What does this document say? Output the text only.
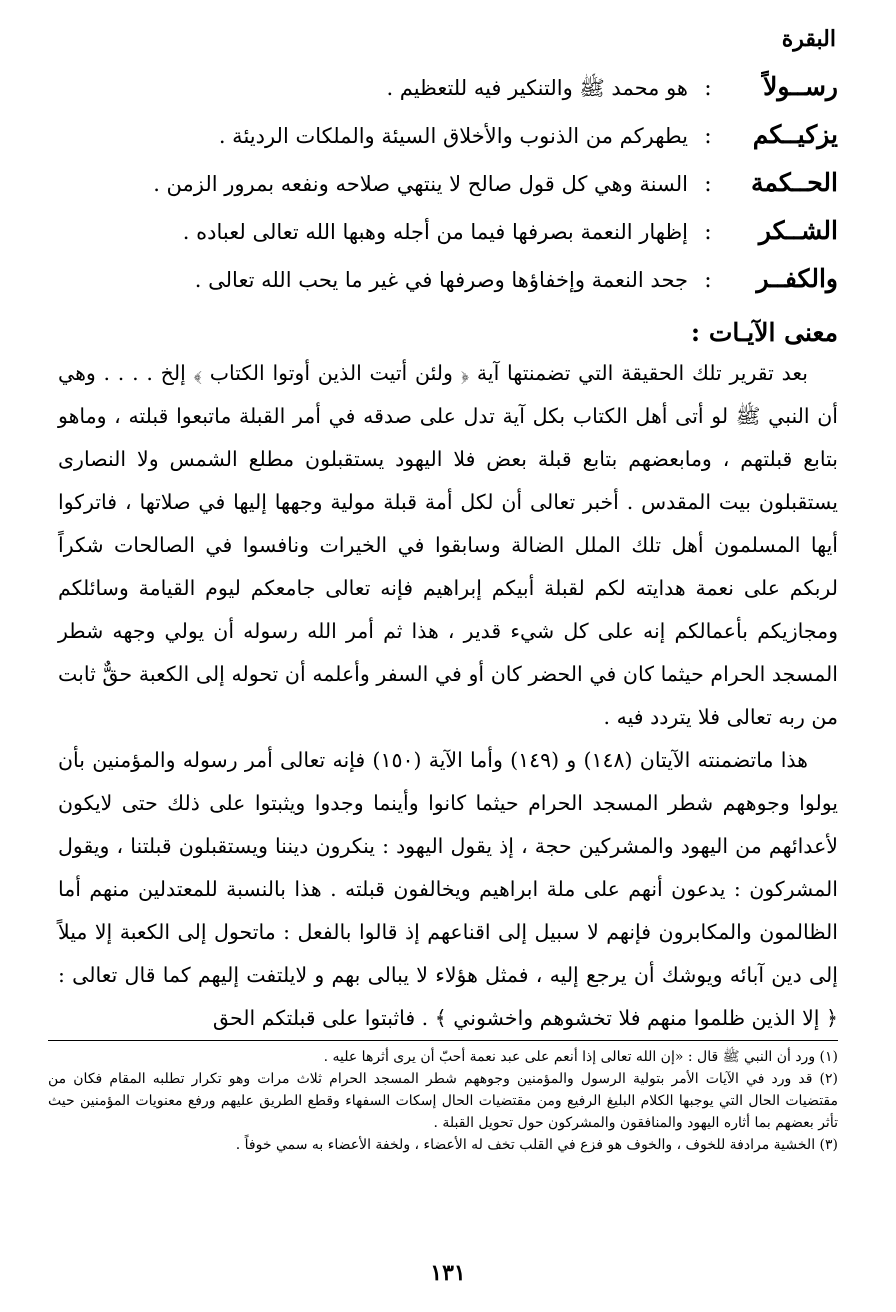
البقرة
رســولاً
:
هو محمد ﷺ والتنكير فيه للتعظيم .
يزكيــكم
:
يطهركم من الذنوب والأخلاق السيئة والملكات الرديئة .
الحــكمة
:
السنة وهي كل قول صالح لا ينتهي صلاحه ونفعه بمرور الزمن .
الشــكر
:
إظهار النعمة بصرفها فيما من أجله وهبها الله تعالى لعباده .
والكفــر
:
جحد النعمة وإخفاؤها وصرفها في غير ما يحب الله تعالى .
معنى الآيـات :

بعد تقرير تلك الحقيقة التي تضمنتها آية ﴿ ولئن أتيت الذين أوتوا الكتاب ﴾ إلخ . . . . وهي أن النبي ﷺ لو أتى أهل الكتاب بكل آية تدل على صدقه في أمر القبلة ماتبعوا قبلته ، وماهو بتابع قبلتهم ، ومابعضهم بتابع قبلة بعض فلا اليهود يستقبلون مطلع الشمس ولا النصارى يستقبلون بيت المقدس . أخبر تعالى أن لكل أمة قبلة مولية وجهها إليها في صلاتها ، فاتركوا أيها المسلمون أهل تلك الملل الضالة وسابقوا في الخيرات ونافسوا في الصالحات شكراً لربكم على نعمة هدايته لكم لقبلة أبيكم إبراهيم فإنه تعالى جامعكم ليوم القيامة وسائلكم ومجازيكم بأعمالكم إنه على كل شيء قدير ، هذا ثم أمر الله رسوله أن يولي وجهه شطر المسجد الحرام حيثما كان في الحضر كان أو في السفر وأعلمه أن تحوله إلى الكعبة حقٌّ ثابت من ربه تعالى فلا يتردد فيه .

هذا ماتضمنته الآيتان (١٤٨) و (١٤٩) وأما الآية (١٥٠) فإنه تعالى أمر رسوله والمؤمنين بأن يولوا وجوههم شطر المسجد الحرام حيثما كانوا وأينما وجدوا ويثبتوا على ذلك حتى لايكون لأعدائهم من اليهود والمشركين حجة ، إذ يقول اليهود : ينكرون ديننا ويستقبلون قبلتنا ، ويقول المشركون : يدعون أنهم على ملة ابراهيم ويخالفون قبلته . هذا بالنسبة للمعتدلين منهم أما الظالمون والمكابرون فإنهم لا سبيل إلى اقناعهم إذ قالوا بالفعل : ماتحول إلى الكعبة إلا ميلاً إلى دين آبائه ويوشك أن يرجع إليه ، فمثل هؤلاء لا يبالى بهم و لايلتفت إليهم كما قال تعالى : ﴿ إلا الذين ظلموا منهم فلا تخشوهم واخشوني ﴾ . فاثبتوا على قبلتكم الحق

(١) ورد أن النبي ﷺ قال : «إن الله تعالى إذا أنعم على عبد نعمة أحبّ أن يرى أثرها عليه .

(٢) قد ورد في الآيات الأمر بتولية الرسول والمؤمنين وجوههم شطر المسجد الحرام ثلاث مرات وهو تكرار تطلبه المقام فكان من مقتضيات الحال التي يوجبها الكلام البليغ الرفيع ومن مقتضيات الحال إسكات السفهاء وقطع الطريق عليهم ورفع معنويات المؤمنين حيث تأثر بعضهم بما أثاره اليهود والمنافقون والمشركون حول تحويل القبلة .

(٣) الخشية مرادفة للخوف ، والخوف هو فزع في القلب تخف له الأعضاء ، ولخفة الأعضاء به سمي خوفاً .

١٣١
